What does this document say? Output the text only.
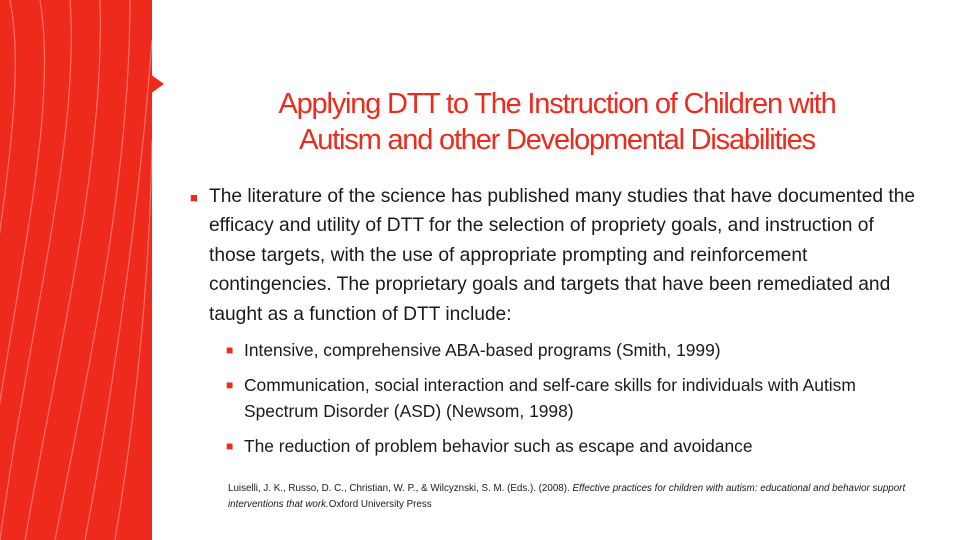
Applying DTT to The Instruction of Children with
Autism and other Developmental Disabilities
■ The literature of the science has published many studies that have documented the efficacy and utility of DTT for the selection of propriety goals, and instruction of those targets, with the use of appropriate prompting and reinforcement contingencies. The proprietary goals and targets that have been remediated and taught as a function of DTT include:
■ Intensive, comprehensive ABA-based programs (Smith, 1999)
■ Communication, social interaction and self-care skills for individuals with Autism Spectrum Disorder (ASD) (Newsom, 1998)
■ The reduction of problem behavior such as escape and avoidance
Luiselli, J. K., Russo, D. C., Christian, W. P., & Wilcyznski, S. M. (Eds.). (2008). Effective practices for children with autism: educational and behavior support interventions that work.Oxford University Press
